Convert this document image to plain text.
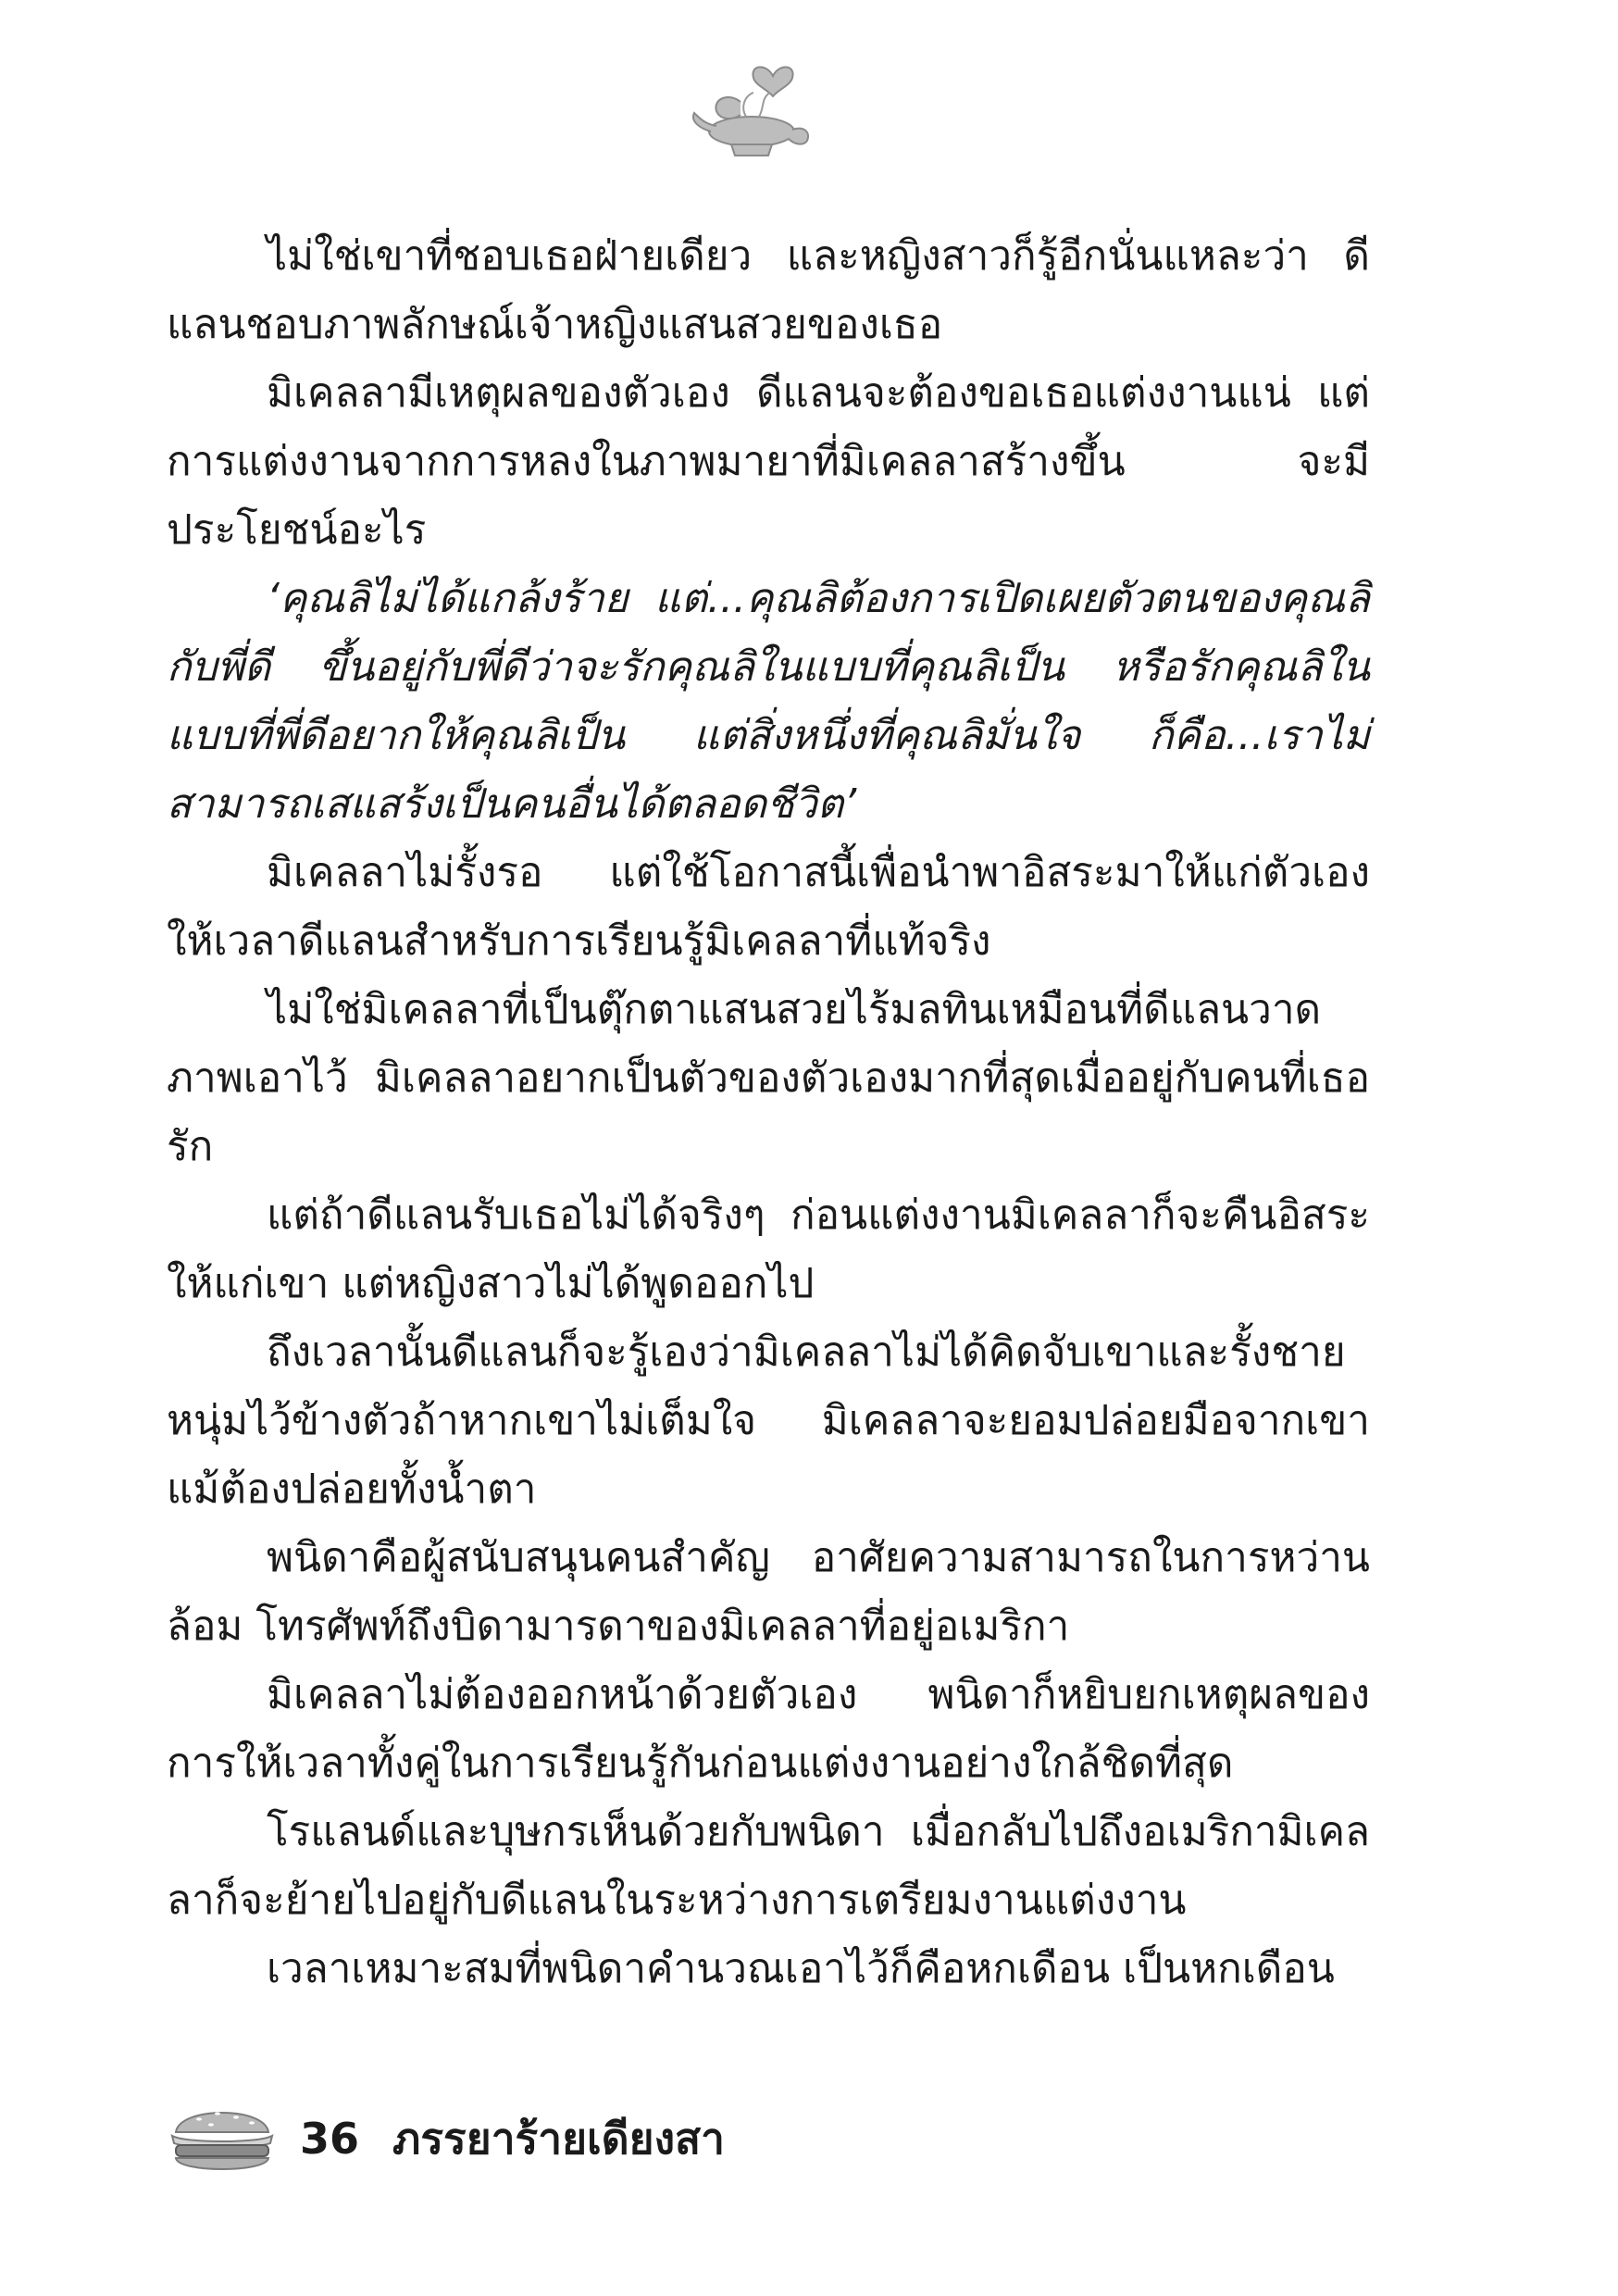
ไม่ใช่เขาที่ชอบเธอฝ่ายเดียว และหญิงสาวก็รู้อีกนั่นแหละว่า ดีแลนชอบภาพลักษณ์เจ้าหญิงแสนสวยของเธอ

มิเคลลามีเหตุผลของตัวเอง ดีแลนจะต้องขอเธอแต่งงานแน่ แต่การแต่งงานจากการหลงในภาพมายาที่มิเคลลาสร้างขึ้น จะมีประโยชน์อะไร

‘คุณลิไม่ได้แกล้งร้าย แต่...คุณลิต้องการเปิดเผยตัวตนของคุณลิกับพี่ดี ขึ้นอยู่กับพี่ดีว่าจะรักคุณลิในแบบที่คุณลิเป็น หรือรักคุณลิในแบบที่พี่ดีอยากให้คุณลิเป็น แต่สิ่งหนึ่งที่คุณลิมั่นใจ ก็คือ...เราไม่สามารถเสแสร้งเป็นคนอื่นได้ตลอดชีวิต’

มิเคลลาไม่รั้งรอ แต่ใช้โอกาสนี้เพื่อนำพาอิสระมาให้แก่ตัวเอง ให้เวลาดีแลนสำหรับการเรียนรู้มิเคลลาที่แท้จริง

ไม่ใช่มิเคลลาที่เป็นตุ๊กตาแสนสวยไร้มลทินเหมือนที่ดีแลนวาดภาพเอาไว้ มิเคลลาอยากเป็นตัวของตัวเองมากที่สุดเมื่ออยู่กับคนที่เธอรัก

แต่ถ้าดีแลนรับเธอไม่ได้จริงๆ ก่อนแต่งงานมิเคลลาก็จะคืนอิสระให้แก่เขา แต่หญิงสาวไม่ได้พูดออกไป

ถึงเวลานั้นดีแลนก็จะรู้เองว่ามิเคลลาไม่ได้คิดจับเขาและรั้งชายหนุ่มไว้ข้างตัวถ้าหากเขาไม่เต็มใจ มิเคลลาจะยอมปล่อยมือจากเขา แม้ต้องปล่อยทั้งน้ำตา

พนิดาคือผู้สนับสนุนคนสำคัญ อาศัยความสามารถในการหว่านล้อม โทรศัพท์ถึงบิดามารดาของมิเคลลาที่อยู่อเมริกา

มิเคลลาไม่ต้องออกหน้าด้วยตัวเอง พนิดาก็หยิบยกเหตุผลของการให้เวลาทั้งคู่ในการเรียนรู้กันก่อนแต่งงานอย่างใกล้ชิดที่สุด

โรแลนด์และบุษกรเห็นด้วยกับพนิดา เมื่อกลับไปถึงอเมริกามิเคลลาก็จะย้ายไปอยู่กับดีแลนในระหว่างการเตรียมงานแต่งงาน

เวลาเหมาะสมที่พนิดาคำนวณเอาไว้ก็คือหกเดือน เป็นหกเดือน

36 ภรรยาร้ายเดียงสา
